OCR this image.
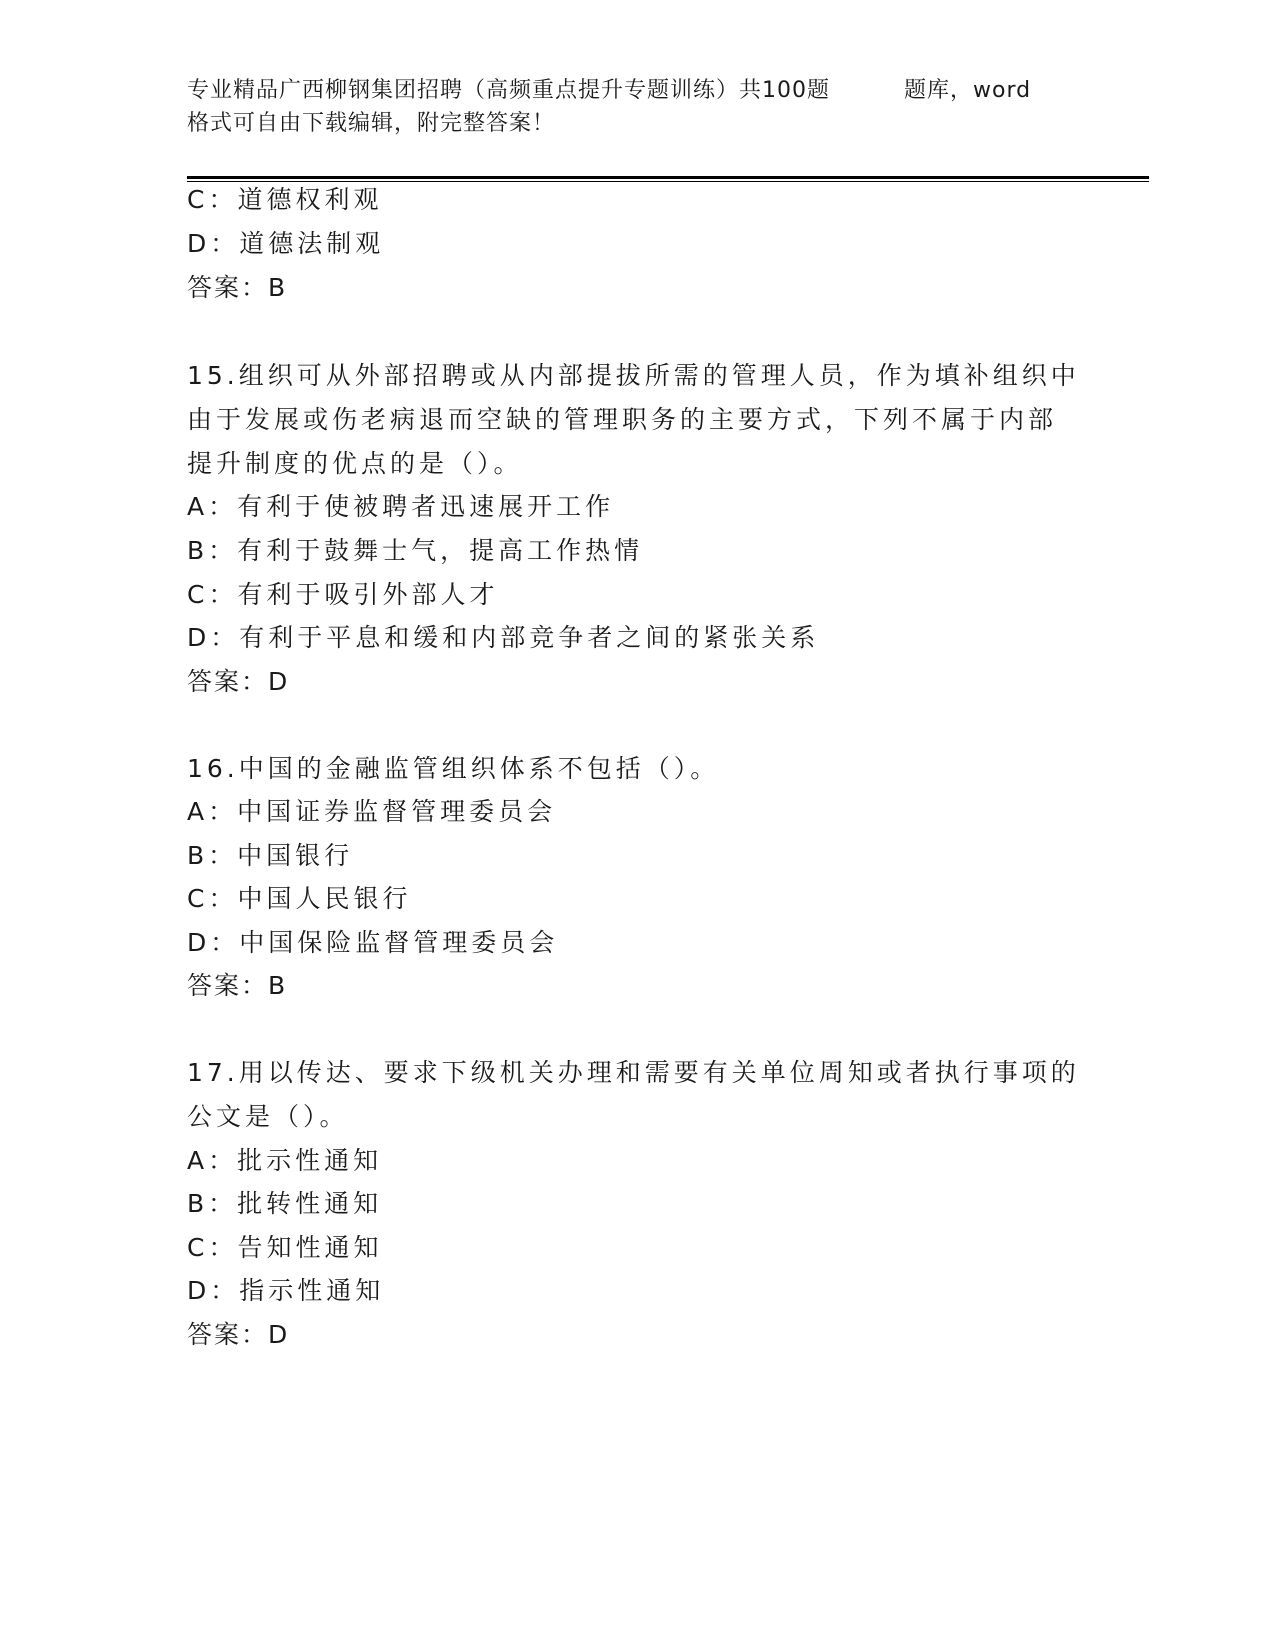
专业精品广西柳钢集团招聘（高频重点提升专题训练）共100题	题库，word
格式可自由下载编辑，附完整答案！
C：道德权利观
D：道德法制观
答案：B
15.组织可从外部招聘或从内部提拔所需的管理人员，作为填补组织中
由于发展或伤老病退而空缺的管理职务的主要方式，下列不属于内部
提升制度的优点的是（）。
A：有利于使被聘者迅速展开工作
B：有利于鼓舞士气，提高工作热情
C：有利于吸引外部人才
D：有利于平息和缓和内部竞争者之间的紧张关系
答案：D
16.中国的金融监管组织体系不包括（）。
A：中国证券监督管理委员会
B：中国银行
C：中国人民银行
D：中国保险监督管理委员会
答案：B
17.用以传达、要求下级机关办理和需要有关单位周知或者执行事项的
公文是（）。
A：批示性通知
B：批转性通知
C：告知性通知
D：指示性通知
答案：D
